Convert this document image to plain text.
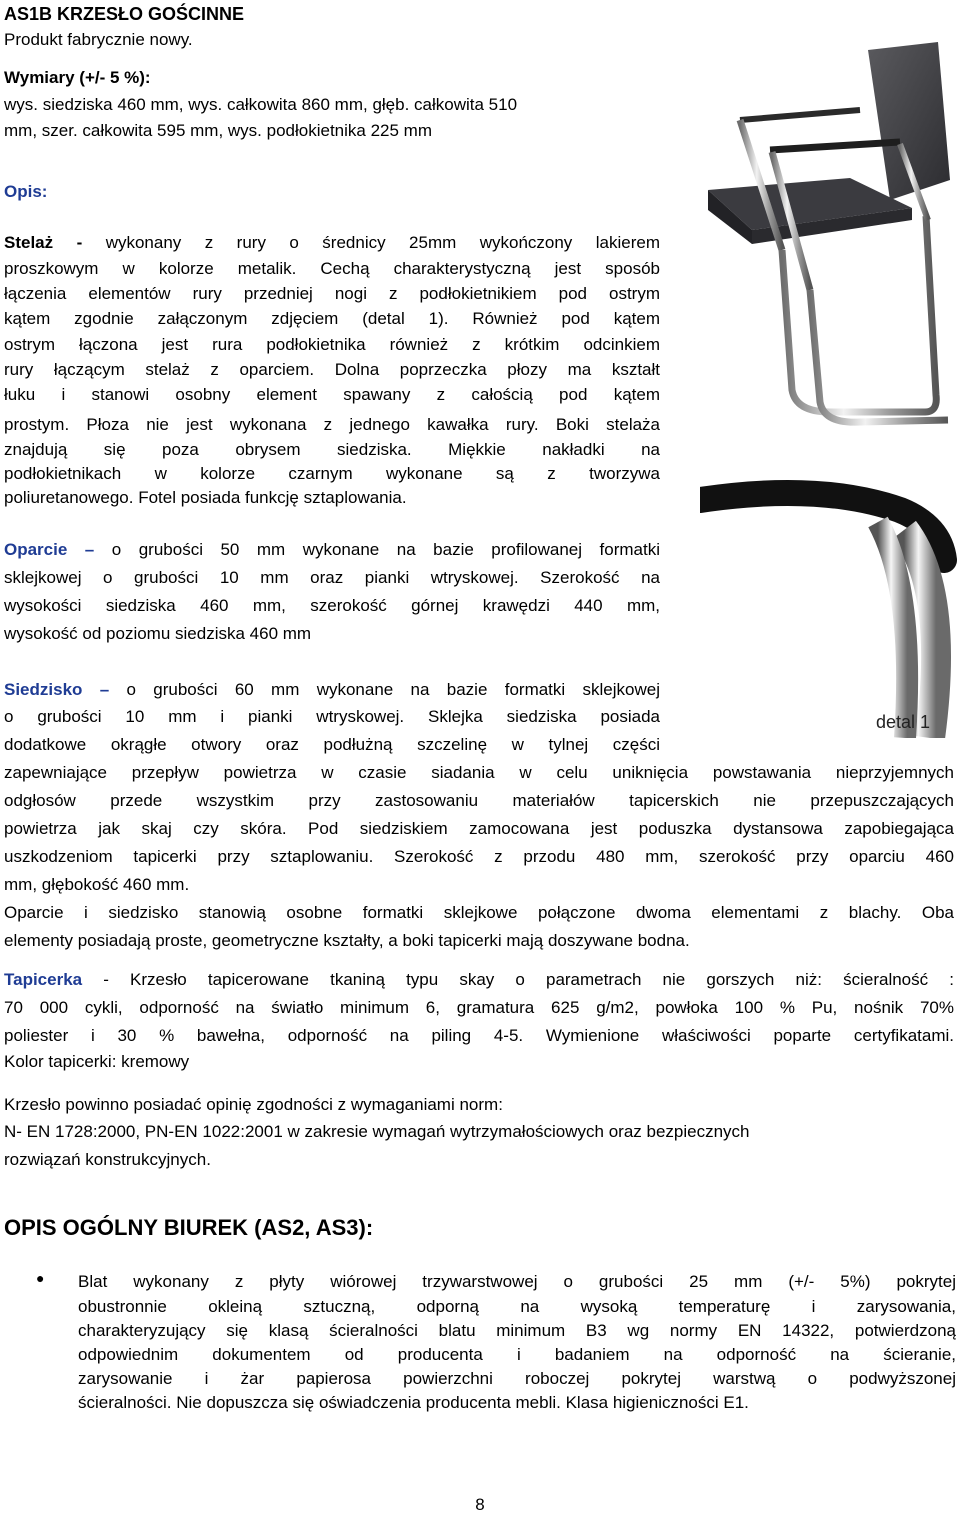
AS1B KRZESŁO GOŚCINNE
Produkt fabrycznie nowy.
Wymiary (+/- 5 %):
wys. siedziska 460 mm, wys. całkowita 860 mm, głęb. całkowita 510
mm, szer. całkowita 595 mm, wys. podłokietnika 225 mm
Opis:
Stelaż - wykonany z rury o średnicy 25mm wykończony lakierem
proszkowym w kolorze metalik. Cechą charakterystyczną jest sposób
łączenia elementów rury przedniej nogi z podłokietnikiem pod ostrym
kątem zgodnie załączonym zdjęciem (detal 1). Również pod kątem
ostrym łączona jest rura podłokietnika również z krótkim odcinkiem
rury łączącym stelaż z oparciem. Dolna poprzeczka płozy ma kształt
łuku i stanowi osobny element spawany z całością pod kątem
prostym. Płoza nie jest wykonana z jednego kawałka rury. Boki stelaża
znajdują się poza obrysem siedziska. Miękkie nakładki na
podłokietnikach w kolorze czarnym wykonane są z tworzywa
poliuretanowego. Fotel posiada funkcję sztaplowania.
Oparcie – o grubości 50 mm wykonane na bazie profilowanej formatki
sklejkowej o grubości 10 mm oraz pianki wtryskowej. Szerokość na
wysokości siedziska 460 mm, szerokość górnej krawędzi 440 mm,
wysokość od poziomu siedziska 460 mm
Siedzisko – o grubości 60 mm wykonane na bazie formatki sklejkowej
o grubości 10 mm i pianki wtryskowej. Sklejka siedziska posiada
dodatkowe okrągłe otwory oraz podłużną szczelinę w tylnej części
zapewniające przepływ powietrza w czasie siadania w celu uniknięcia powstawania nieprzyjemnych
odgłosów przede wszystkim przy zastosowaniu materiałów tapicerskich nie przepuszczających
powietrza jak skaj czy skóra. Pod siedziskiem zamocowana jest poduszka dystansowa zapobiegająca
uszkodzeniom tapicerki przy sztaplowaniu. Szerokość z przodu 480 mm, szerokość przy oparciu 460
mm, głębokość 460 mm.
Oparcie i siedzisko stanowią osobne formatki sklejkowe połączone dwoma elementami z blachy. Oba
elementy posiadają proste, geometryczne kształty, a boki tapicerki mają doszywane bodna.
Tapicerka - Krzesło tapicerowane tkaniną typu skay o parametrach nie gorszych niż: ścieralność :
70 000 cykli, odporność na światło minimum 6, gramatura 625 g/m2, powłoka 100 % Pu, nośnik 70%
poliester i 30 % bawełna, odporność na piling 4-5. Wymienione właściwości poparte certyfikatami.
Kolor tapicerki: kremowy
Krzesło powinno posiadać opinię zgodności z wymaganiami norm:
N- EN 1728:2000, PN-EN 1022:2001 w zakresie wymagań wytrzymałościowych oraz bezpiecznych
rozwiązań konstrukcyjnych.
OPIS OGÓLNY BIUREK (AS2, AS3):
● Blat wykonany z płyty wiórowej trzywarstwowej o grubości 25 mm (+/- 5%) pokrytej
obustronnie okleiną sztuczną, odporną na wysoką temperaturę i zarysowania,
charakteryzujący się klasą ścieralności blatu minimum B3 wg normy EN 14322, potwierdzoną
odpowiednim dokumentem od producenta i badaniem na odporność na ścieranie,
zarysowanie i żar papierosa powierzchni roboczej pokrytej warstwą o podwyższonej
ścieralności. Nie dopuszcza się oświadczenia producenta mebli. Klasa higieniczności E1.
detal 1
8
